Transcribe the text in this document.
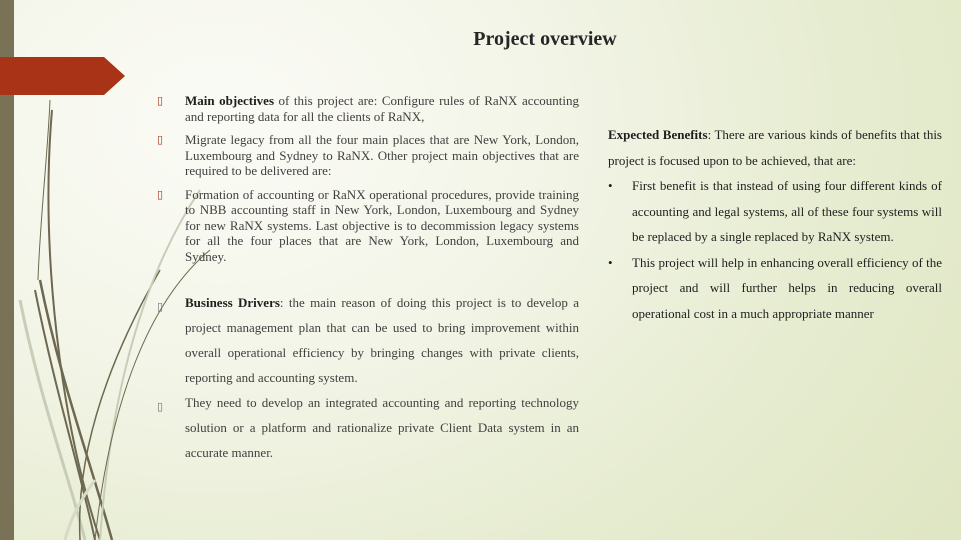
Project overview
▯ Main objectives of this project are: Configure rules of RaNX accounting and reporting data for all the clients of RaNX,
▯ Migrate legacy from all the four main places that are New York, London, Luxembourg and Sydney to RaNX. Other project main objectives that are required to be delivered are:
▯ Formation of accounting or RaNX operational procedures, provide training to NBB accounting staff in New York, London, Luxembourg and Sydney for new RaNX systems. Last objective is to decommission legacy systems for all the four places that are New York, London, Luxembourg and Sydney.
▯ Business Drivers: the main reason of doing this project is to develop a project management plan that can be used to bring improvement within overall operational efficiency by bringing changes with private clients, reporting and accounting system.
▯ They need to develop an integrated accounting and reporting technology solution or a platform and rationalize private Client Data system in an accurate manner.
Expected Benefits: There are various kinds of benefits that this project is focused upon to be achieved, that are:
• First benefit is that instead of using four different kinds of accounting and legal systems, all of these four systems will be replaced by a single replaced by RaNX system.
• This project will help in enhancing overall efficiency of the project and will further helps in reducing overall operational cost in a much appropriate manner
